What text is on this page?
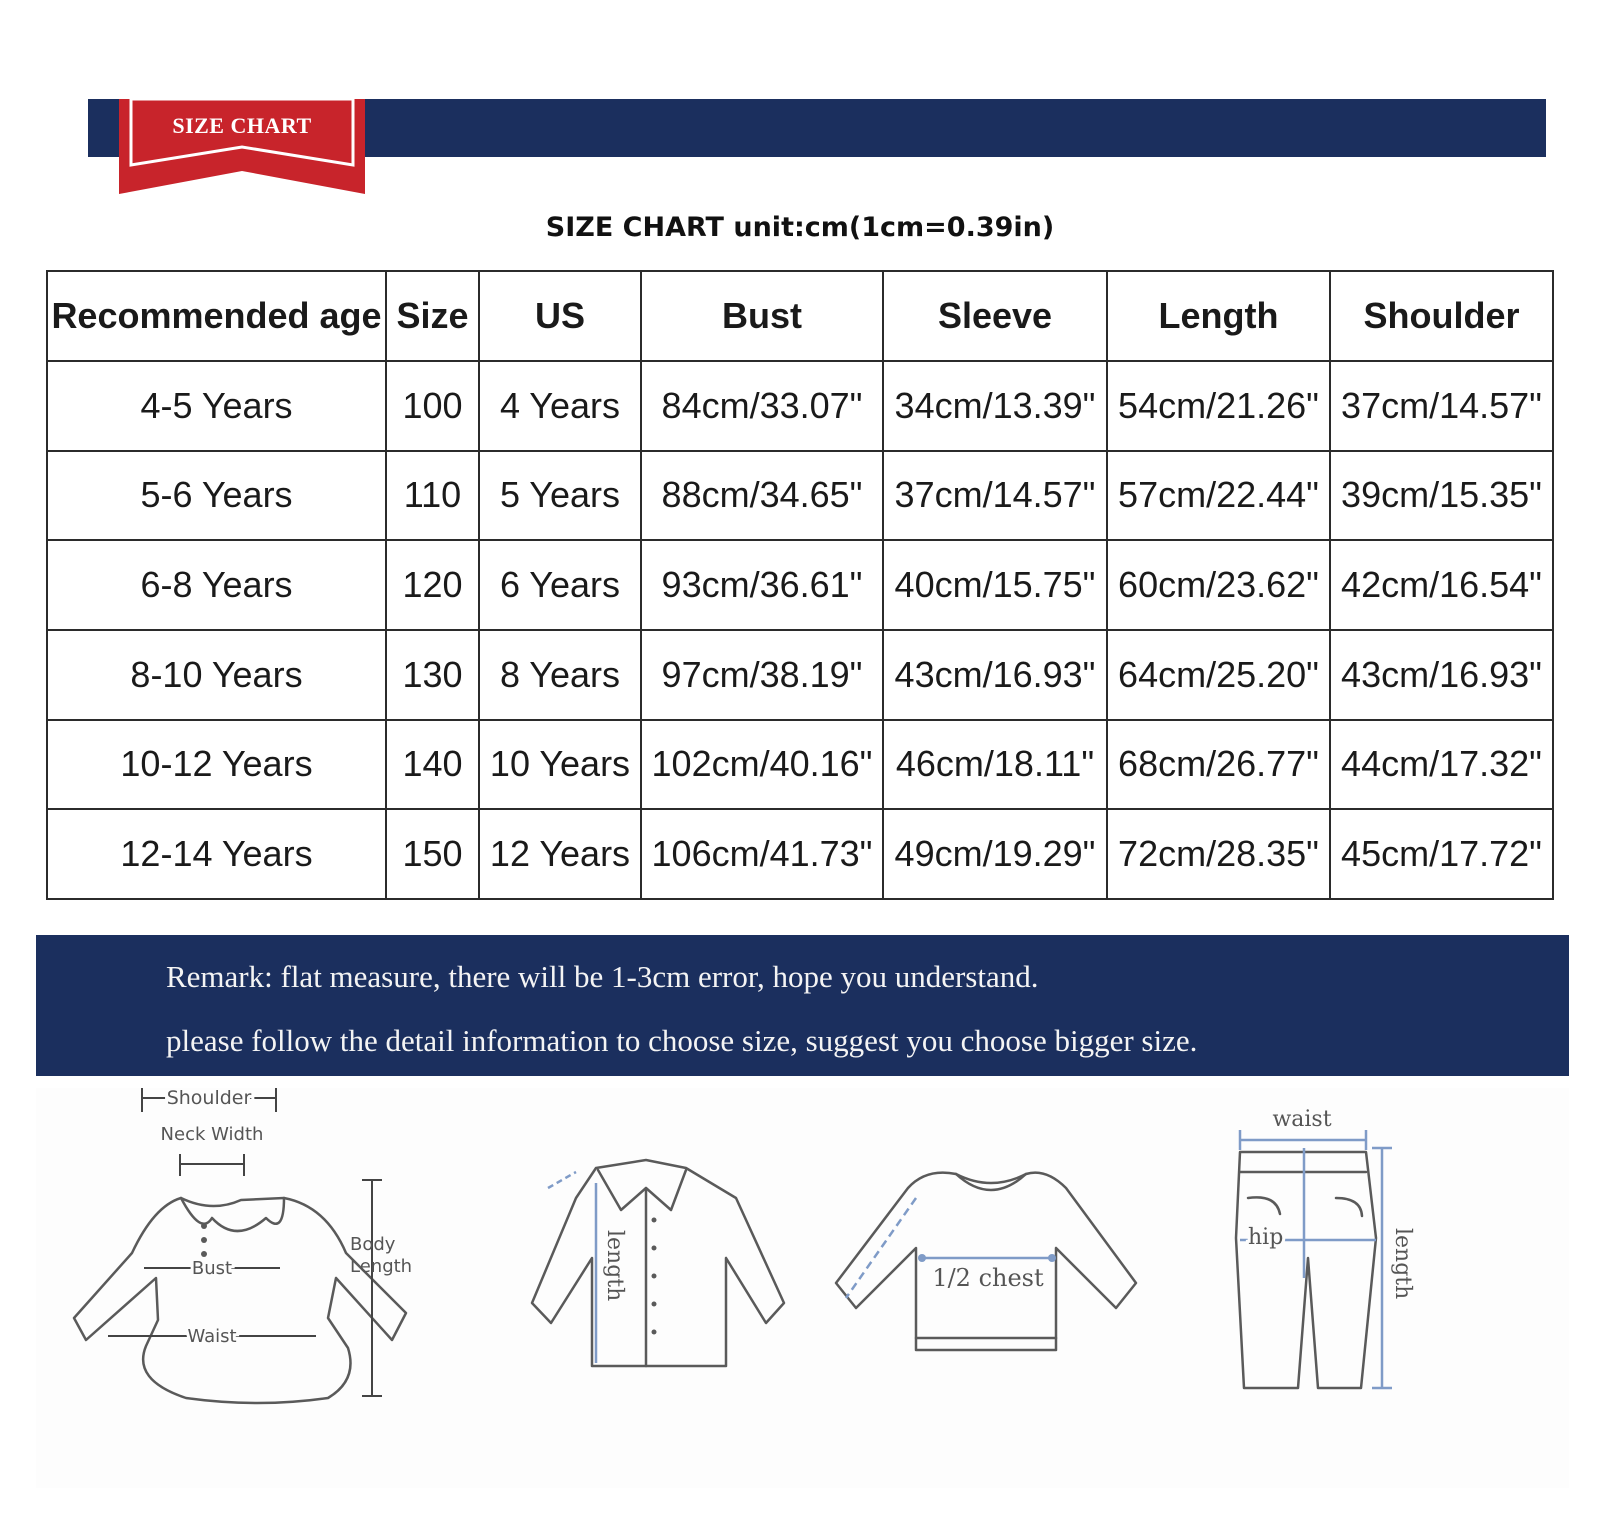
SIZE CHART
SIZE CHART unit:cm(1cm=0.39in)
Recommended age	Size	US	Bust	Sleeve	Length	Shoulder
4-5 Years	100	4 Years	84cm/33.07"	34cm/13.39"	54cm/21.26"	37cm/14.57"
5-6 Years	110	5 Years	88cm/34.65"	37cm/14.57"	57cm/22.44"	39cm/15.35"
6-8 Years	120	6 Years	93cm/36.61"	40cm/15.75"	60cm/23.62"	42cm/16.54"
8-10 Years	130	8 Years	97cm/38.19"	43cm/16.93"	64cm/25.20"	43cm/16.93"
10-12 Years	140	10 Years	102cm/40.16"	46cm/18.11"	68cm/26.77"	44cm/17.32"
12-14 Years	150	12 Years	106cm/41.73"	49cm/19.29"	72cm/28.35"	45cm/17.72"

Remark: flat measure, there will be 1-3cm error, hope you understand.

please follow the detail information to choose size, suggest you choose bigger size.

Shoulder
Neck Width
Bust
Waist
Body
Length	length	1/2 chest
waist
hip	length
